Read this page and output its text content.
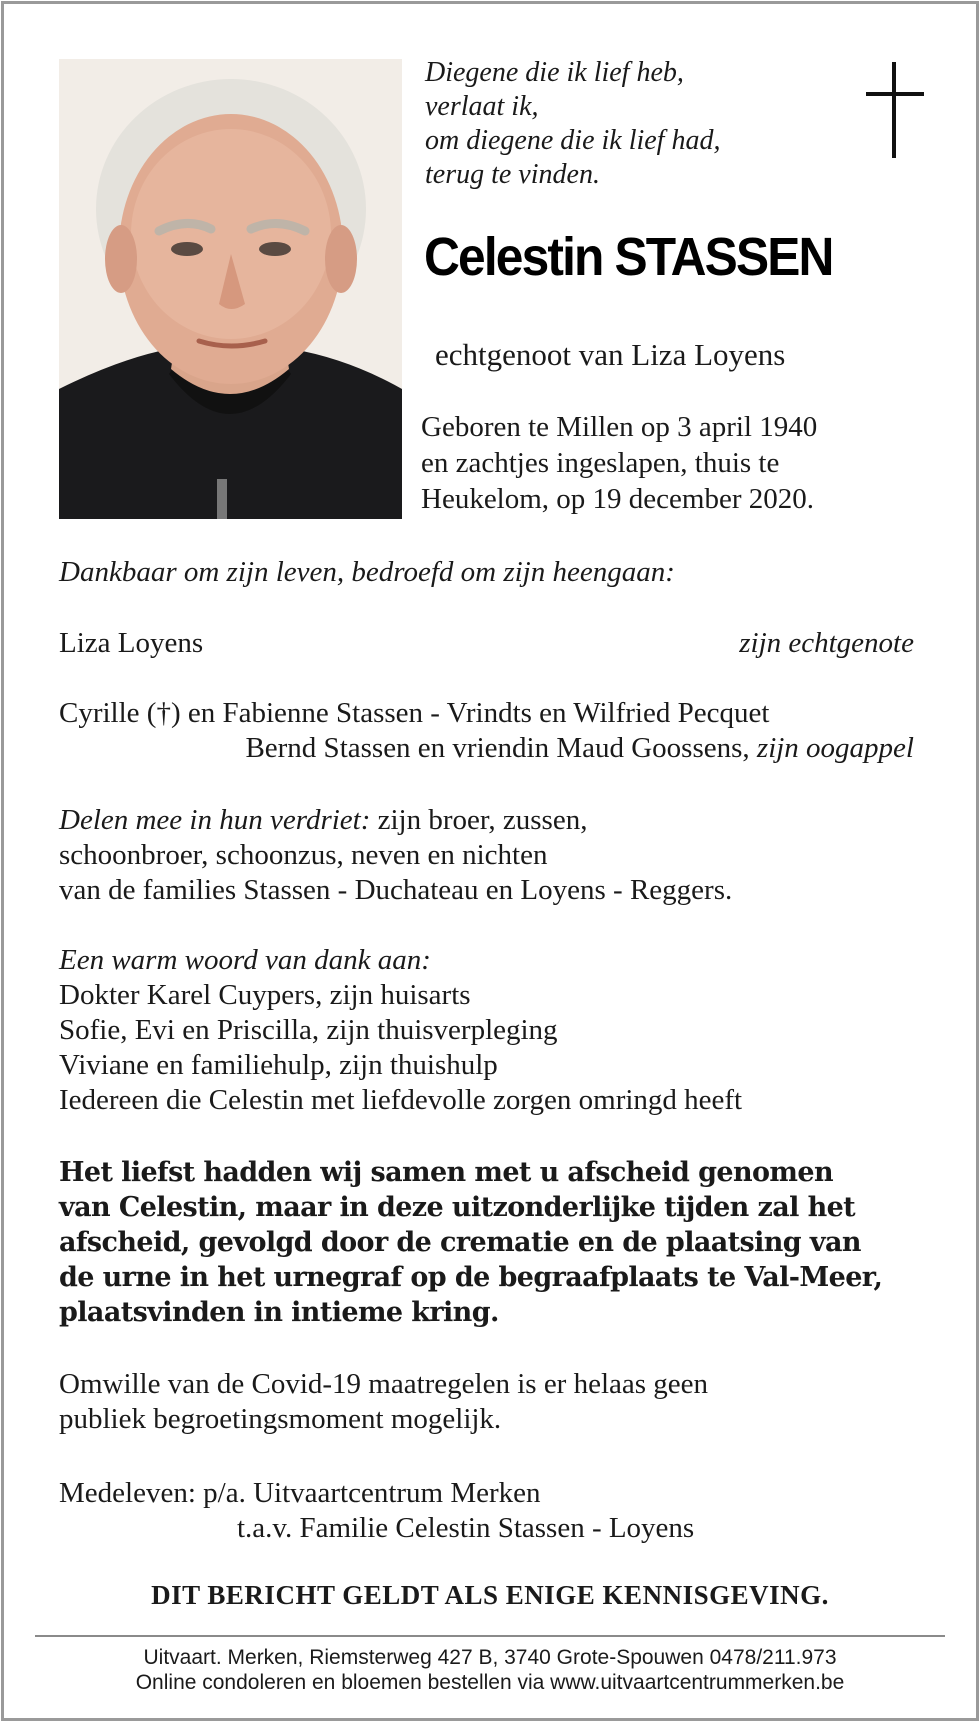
Diegene die ik lief heb,
verlaat ik,
om diegene die ik lief had,
terug te vinden.
Celestin STASSEN
echtgenoot van Liza Loyens
Geboren te Millen op 3 april 1940
en zachtjes ingeslapen, thuis te
Heukelom, op 19 december 2020.
Dankbaar om zijn leven, bedroefd om zijn heengaan:
Liza Loyens	zijn echtgenote
Cyrille (†) en Fabienne Stassen - Vrindts en Wilfried Pecquet
Bernd Stassen en vriendin Maud Goossens, zijn oogappel
Delen mee in hun verdriet: zijn broer, zussen,
schoonbroer, schoonzus, neven en nichten
van de families Stassen - Duchateau en Loyens - Reggers.
Een warm woord van dank aan:
Dokter Karel Cuypers, zijn huisarts
Sofie, Evi en Priscilla, zijn thuisverpleging
Viviane en familiehulp, zijn thuishulp
Iedereen die Celestin met liefdevolle zorgen omringd heeft
Het liefst hadden wij samen met u afscheid genomen
van Celestin, maar in deze uitzonderlijke tijden zal het
afscheid, gevolgd door de crematie en de plaatsing van
de urne in het urnegraf op de begraafplaats te Val-Meer,
plaatsvinden in intieme kring.
Omwille van de Covid-19 maatregelen is er helaas geen
publiek begroetingsmoment mogelijk.
Medeleven: p/a. Uitvaartcentrum Merken
t.a.v. Familie Celestin Stassen - Loyens
DIT BERICHT GELDT ALS ENIGE KENNISGEVING.
Uitvaart. Merken, Riemsterweg 427 B, 3740 Grote-Spouwen 0478/211.973
Online condoleren en bloemen bestellen via www.uitvaartcentrummerken.be
